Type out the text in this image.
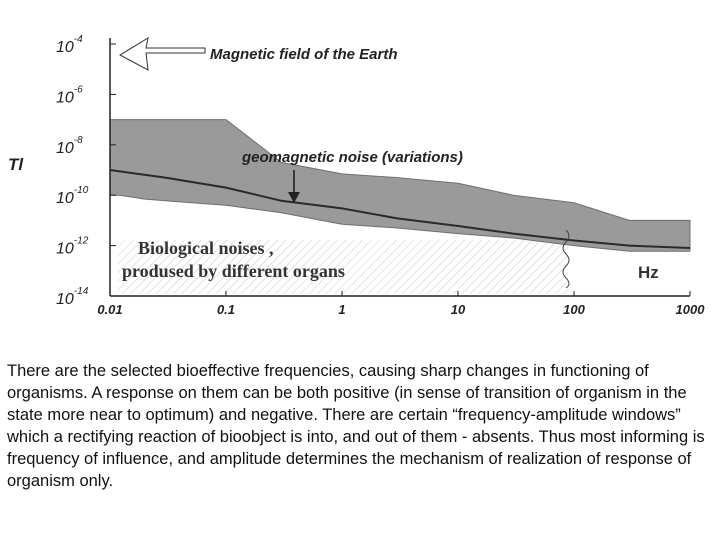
$10^{-4}$
$10^{-6}$
$10^{-8}$
$10^{-10}$
$10^{-12}$
$10^{-14}$
0.01	0.1	1	10	100	1000
Tl
Magnetic field of the Earth
geomagnetic noise (variations)
Biological noises ,
prodused by different organs	Hz
There are the selected bioeffective frequencies, causing sharp changes in functioning of organisms. A response on them can be both positive (in sense of transition of organism in the state more near to optimum) and negative. There are certain “frequency-amplitude windows” which a rectifying reaction of bioobject is into, and out of them - absents. Thus most informing is frequency of influence, and amplitude determines the mechanism of realization of response of organism only.
